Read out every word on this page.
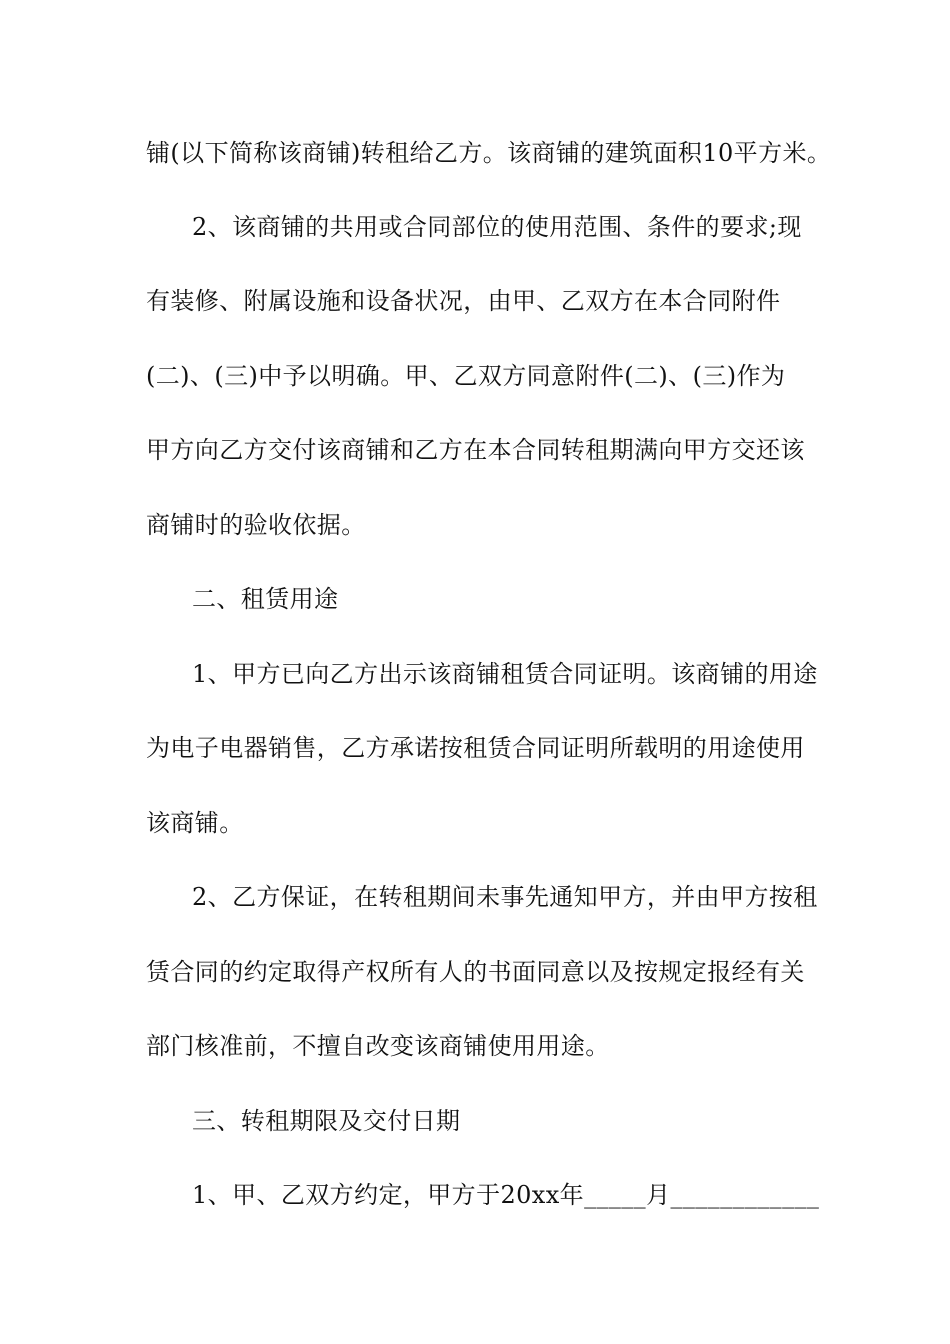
铺(以下简称该商铺)转租给乙方。该商铺的建筑面积10平方米。
2、该商铺的共用或合同部位的使用范围、条件的要求;现
有装修、附属设施和设备状况，由甲、乙双方在本合同附件
(二)、(三)中予以明确。甲、乙双方同意附件(二)、(三)作为
甲方向乙方交付该商铺和乙方在本合同转租期满向甲方交还该
商铺时的验收依据。
二、租赁用途
1、甲方已向乙方出示该商铺租赁合同证明。该商铺的用途
为电子电器销售，乙方承诺按租赁合同证明所载明的用途使用
该商铺。
2、乙方保证，在转租期间未事先通知甲方，并由甲方按租
赁合同的约定取得产权所有人的书面同意以及按规定报经有关
部门核准前，不擅自改变该商铺使用用途。
三、转租期限及交付日期
1、甲、乙双方约定，甲方于20xx年_____月____________
